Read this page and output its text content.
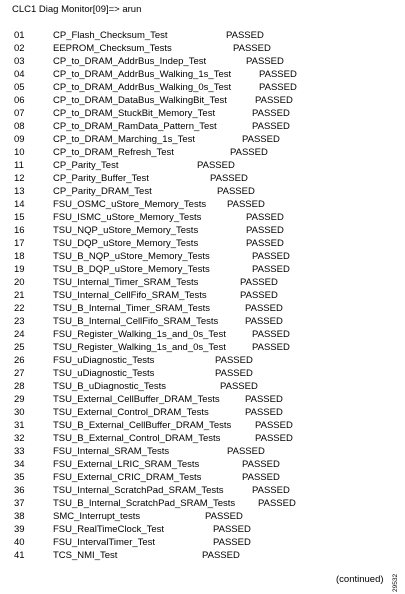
CLC1 Diag Monitor[09]=> arun
01	CP_Flash_Checksum_Test	PASSED
02	EEPROM_Checksum_Tests	PASSED
03	CP_to_DRAM_AddrBus_Indep_Test	PASSED
04	CP_to_DRAM_AddrBus_Walking_1s_Test	PASSED
05	CP_to_DRAM_AddrBus_Walking_0s_Test	PASSED
06	CP_to_DRAM_DataBus_WalkingBit_Test	PASSED
07	CP_to_DRAM_StuckBit_Memory_Test	PASSED
08	CP_to_DRAM_RamData_Pattern_Test	PASSED
09	CP_to_DRAM_Marching_1s_Test	PASSED
10	CP_to_DRAM_Refresh_Test	PASSED
11	CP_Parity_Test	PASSED
12	CP_Parity_Buffer_Test	PASSED
13	CP_Parity_DRAM_Test	PASSED
14	FSU_OSMC_uStore_Memory_Tests PASSED
15	FSU_ISMC_uStore_Memory_Tests	PASSED
16	TSU_NQP_uStore_Memory_Tests	PASSED
17	TSU_DQP_uStore_Memory_Tests	PASSED
18	TSU_B_NQP_uStore_Memory_Tests	PASSED
19	TSU_B_DQP_uStore_Memory_Tests	PASSED
20	TSU_Internal_Timer_SRAM_Tests	PASSED
21	TSU_Internal_CellFifo_SRAM_Tests	PASSED
22	TSU_B_Internal_Timer_SRAM_Tests	PASSED
23	TSU_B_Internal_CellFifo_SRAM_Tests	PASSED
24	FSU_Register_Walking_1s_and_0s_Test	PASSED
25	TSU_Register_Walking_1s_and_0s_Test	PASSED
26	FSU_uDiagnostic_Tests	PASSED
27	TSU_uDiagnostic_Tests	PASSED
28	TSU_B_uDiagnostic_Tests	PASSED
29	TSU_External_CellBuffer_DRAM_Tests	PASSED
30	TSU_External_Control_DRAM_Tests	PASSED
31	TSU_B_External_CellBuffer_DRAM_Tests PASSED
32	TSU_B_External_Control_DRAM_Tests	PASSED
33	FSU_Internal_SRAM_Tests	PASSED
34	FSU_External_LRIC_SRAM_Tests	PASSED
35	FSU_External_CRIC_DRAM_Tests	PASSED
36	TSU_Internal_ScratchPad_SRAM_Tests	PASSED
37	TSU_B_Internal_ScratchPad_SRAM_Tests PASSED
38	SMC_Interrupt_tests	PASSED
39	FSU_RealTimeClock_Test	PASSED
40	FSU_IntervalTimer_Test	PASSED
41	TCS_NMI_Test	PASSED
(continued) 29532
